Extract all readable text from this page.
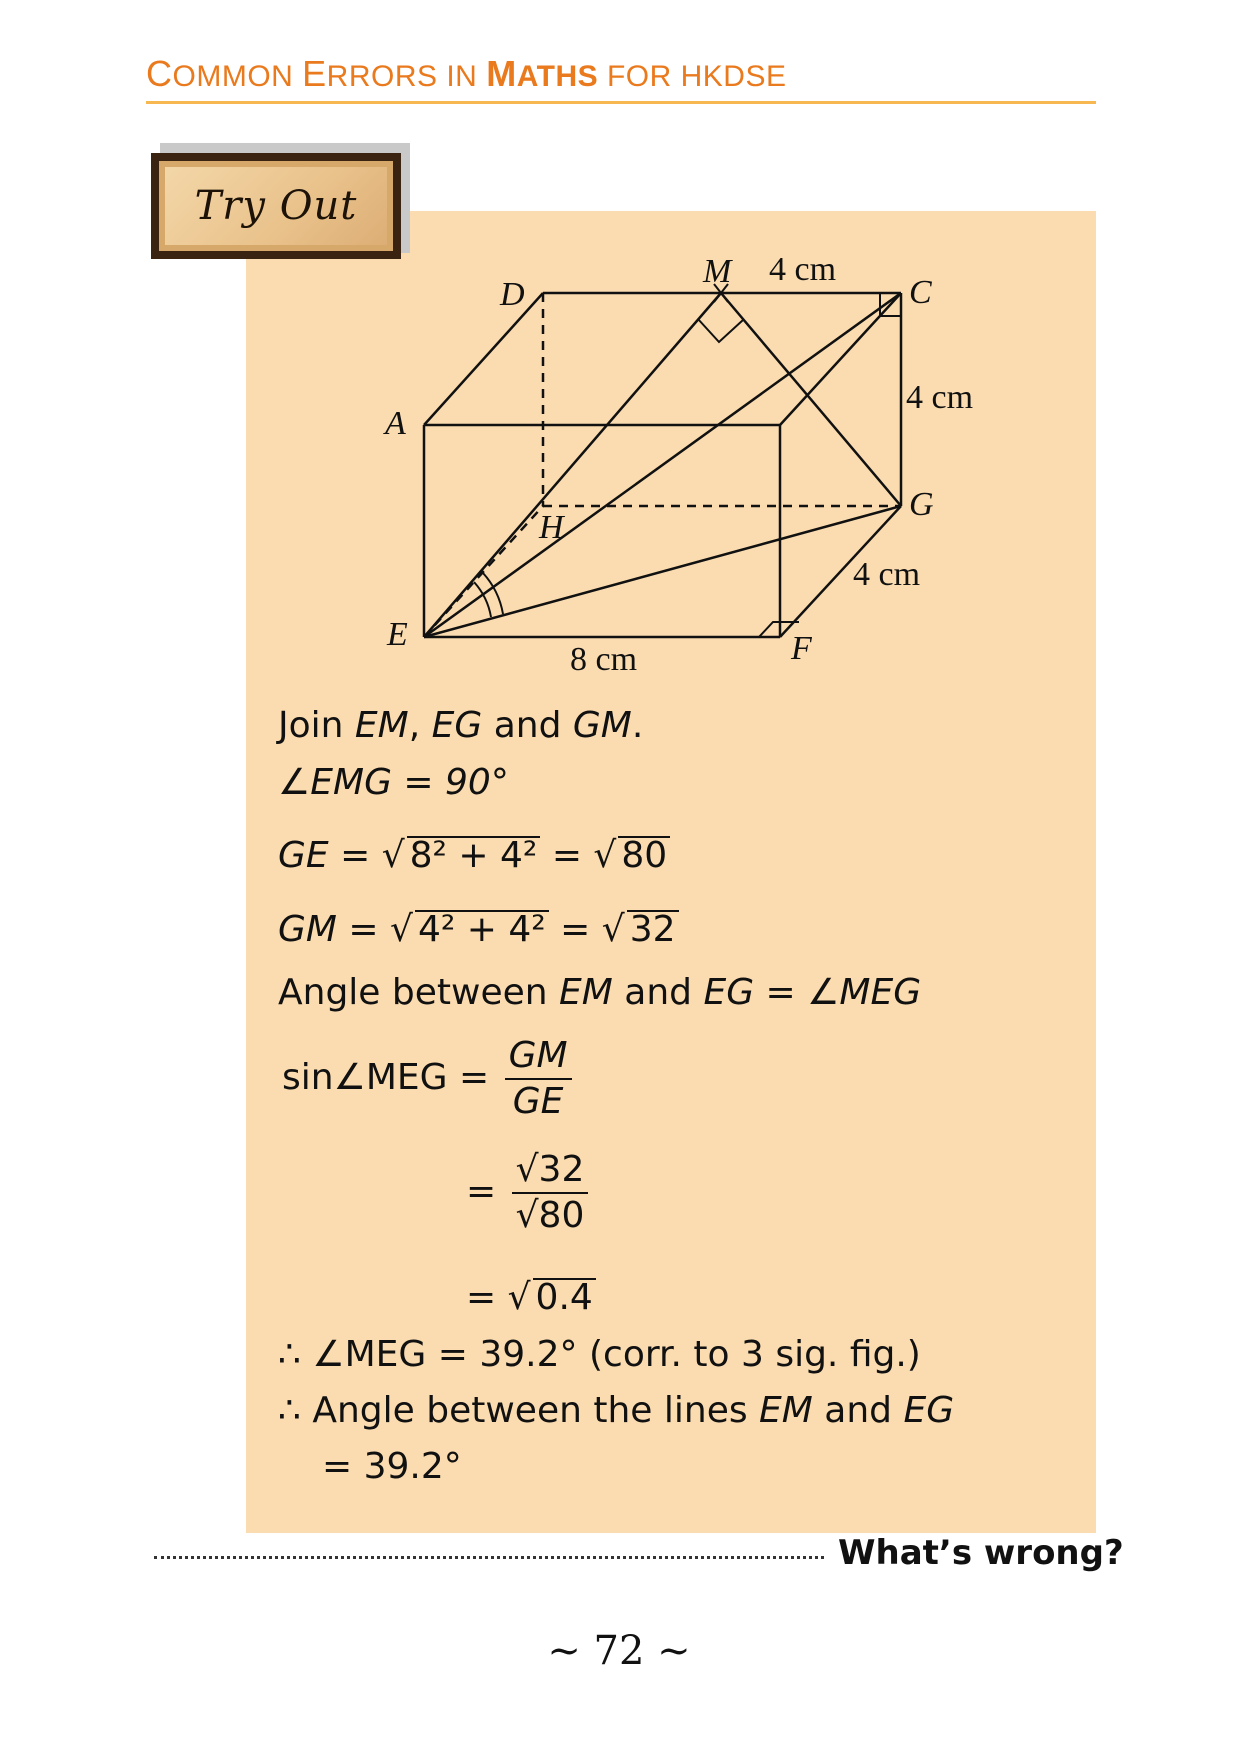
COMMON ERRORS IN MATHS FOR HKDSE
Try Out
D
M 4 cm
C
4 cm
A
G
H
4 cm
E	F
8 cm
Join EM, EG and GM.
∠EMG = 90°
GE = √ 8² + 4² = √ 80
GM = √ 4² + 4² = √ 32
Angle between EM and EG = ∠MEG
sin∠MEG = $\frac{GM}{GE}$
= $\frac{√32}{√80}$
= √ 0.4
∴ ∠MEG = 39.2° (corr. to 3 sig. fig.)
∴ Angle between the lines EM and EG
= 39.2°
What’s wrong?
~ 72 ~
